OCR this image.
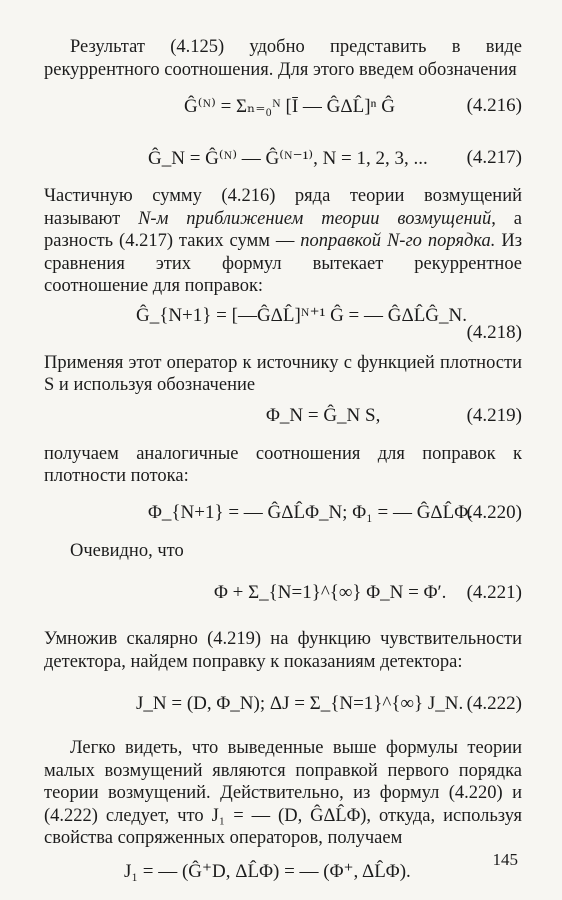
Результат (4.125) удобно представить в виде рекуррентного соотношения. Для этого введем обозначения

Ĝ⁽ᴺ⁾ = Σₙ₌₀ᴺ [Ī — ĜΔL̂]ⁿ Ĝ	(4.216)
Ĝ_N = Ĝ⁽ᴺ⁾ — Ĝ⁽ᴺ⁻¹⁾, N = 1, 2, 3, ... (4.217)

Частичную сумму (4.216) ряда теории возмущений называют N-м приближением теории возмущений, а разность (4.217) таких сумм — поправкой N-го порядка. Из сравнения этих формул вытекает рекуррентное соотношение для поправок:

Ĝ_{N+1} = [—ĜΔL̂]ᴺ⁺¹ Ĝ = — ĜΔL̂Ĝ_N.
(4.218)

Применяя этот оператор к источнику с функцией плотности S и используя обозначение

Φ_N = Ĝ_N S,	(4.219)

получаем аналогичные соотношения для поправок к плотности потока:

Φ_{N+1} = — ĜΔL̂Φ_N; Φ₁ = — ĜΔL̂Φ.
(4.220)

Очевидно, что

Φ + Σ_{N=1}^{∞} Φ_N = Φ′. (4.221)

Умножив скалярно (4.219) на функцию чувствительности детектора, найдем поправку к показаниям детектора:

J_N = (D, Φ_N); ΔJ = Σ_{N=1}^{∞} J_N. (4.222)

Легко видеть, что выведенные выше формулы теории малых возмущений являются поправкой первого порядка теории возмущений. Действительно, из формул (4.220) и (4.222) следует, что J₁ = — (D, ĜΔL̂Φ), откуда, используя свойства сопряженных операторов, получаем

J₁ = — (Ĝ⁺D, ΔL̂Φ) = — (Φ⁺, ΔL̂Φ).
145
